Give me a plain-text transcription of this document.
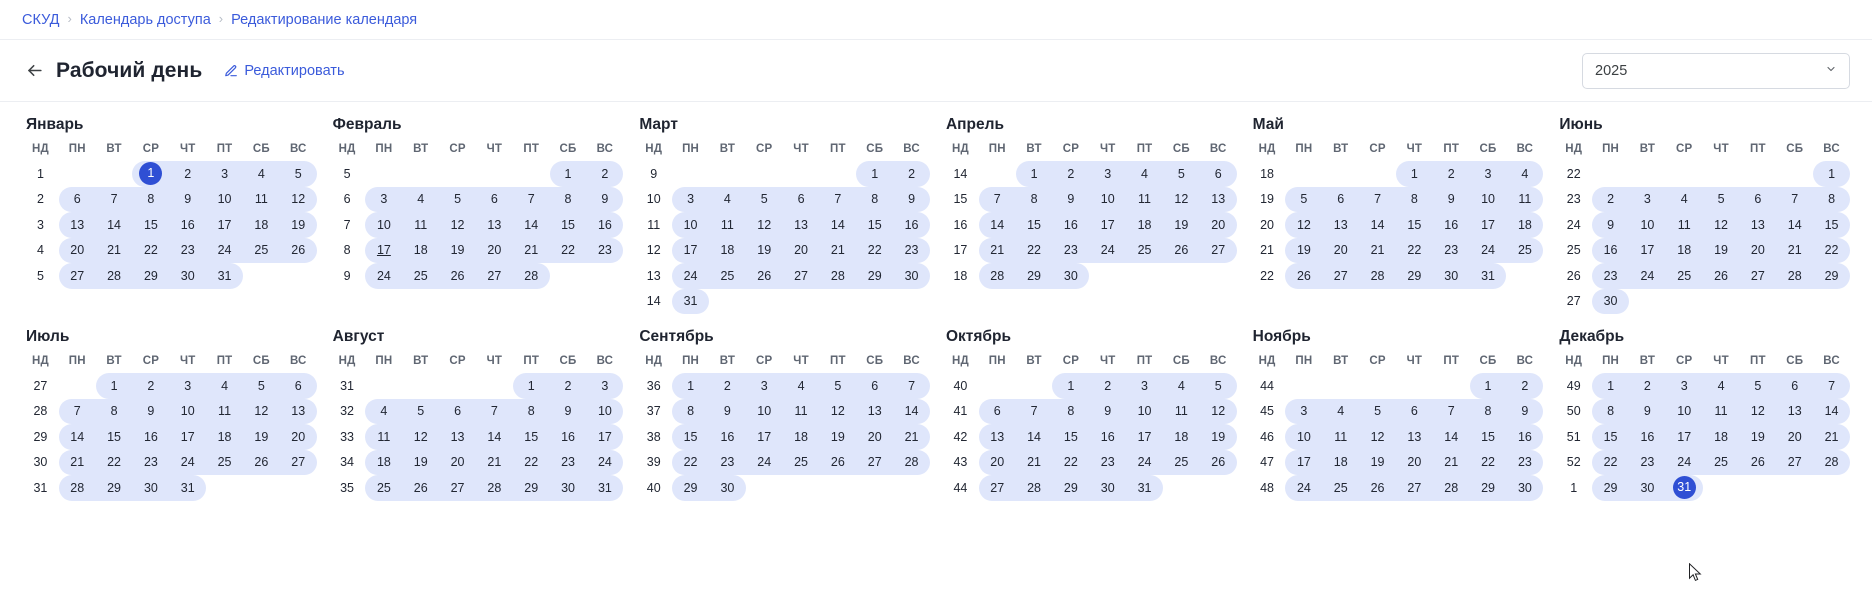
СКУД › Календарь доступа › Редактирование календаря
Рабочий день	Редактировать	2025
Январь
НД	ПН	ВТ	СР	ЧТ	ПТ	СБ	ВС
1			1	2	3	4	5

2	6	7	8	9	10	11	12

3	13	14	15	16	17	18	19

4	20	21	22	23	24	25	26

5	27	28	29	30	31		

Февраль
НД	ПН	ВТ	СР	ЧТ	ПТ	СБ	ВС
5						1	2

6	3	4	5	6	7	8	9

7	10	11	12	13	14	15	16

8	17	18	19	20	21	22	23

9	24	25	26	27	28		

Март
НД	ПН	ВТ	СР	ЧТ	ПТ	СБ	ВС
9						1	2

10	3	4	5	6	7	8	9

11	10	11	12	13	14	15	16

12	17	18	19	20	21	22	23

13	24	25	26	27	28	29	30

14	31						

Апрель
НД	ПН	ВТ	СР	ЧТ	ПТ	СБ	ВС
14		1	2	3	4	5	6

15	7	8	9	10	11	12	13

16	14	15	16	17	18	19	20

17	21	22	23	24	25	26	27

18	28	29	30				

Май
НД	ПН	ВТ	СР	ЧТ	ПТ	СБ	ВС
18				1	2	3	4

19	5	6	7	8	9	10	11

20	12	13	14	15	16	17	18

21	19	20	21	22	23	24	25

22	26	27	28	29	30	31	

Июнь
НД	ПН	ВТ	СР	ЧТ	ПТ	СБ	ВС
22							1

23	2	3	4	5	6	7	8

24	9	10	11	12	13	14	15

25	16	17	18	19	20	21	22

26	23	24	25	26	27	28	29

27	30						

Июль
НД	ПН	ВТ	СР	ЧТ	ПТ	СБ	ВС
27		1	2	3	4	5	6

28	7	8	9	10	11	12	13

29	14	15	16	17	18	19	20

30	21	22	23	24	25	26	27

31	28	29	30	31			

Август
НД	ПН	ВТ	СР	ЧТ	ПТ	СБ	ВС
31					1	2	3

32	4	5	6	7	8	9	10

33	11	12	13	14	15	16	17

34	18	19	20	21	22	23	24

35	25	26	27	28	29	30	31
Сентябрь
НД	ПН	ВТ	СР	ЧТ	ПТ	СБ	ВС
36	1	2	3	4	5	6	7

37	8	9	10	11	12	13	14

38	15	16	17	18	19	20	21

39	22	23	24	25	26	27	28

40	29	30					

Октябрь
НД	ПН	ВТ	СР	ЧТ	ПТ	СБ	ВС
40			1	2	3	4	5

41	6	7	8	9	10	11	12

42	13	14	15	16	17	18	19

43	20	21	22	23	24	25	26

44	27	28	29	30	31		

Ноябрь
НД	ПН	ВТ	СР	ЧТ	ПТ	СБ	ВС
44						1	2

45	3	4	5	6	7	8	9

46	10	11	12	13	14	15	16

47	17	18	19	20	21	22	23

48	24	25	26	27	28	29	30
Декабрь
НД	ПН	ВТ	СР	ЧТ	ПТ	СБ	ВС
49	1	2	3	4	5	6	7

50	8	9	10	11	12	13	14

51	15	16	17	18	19	20	21

52	22	23	24	25	26	27	28

1	29	30	31				
